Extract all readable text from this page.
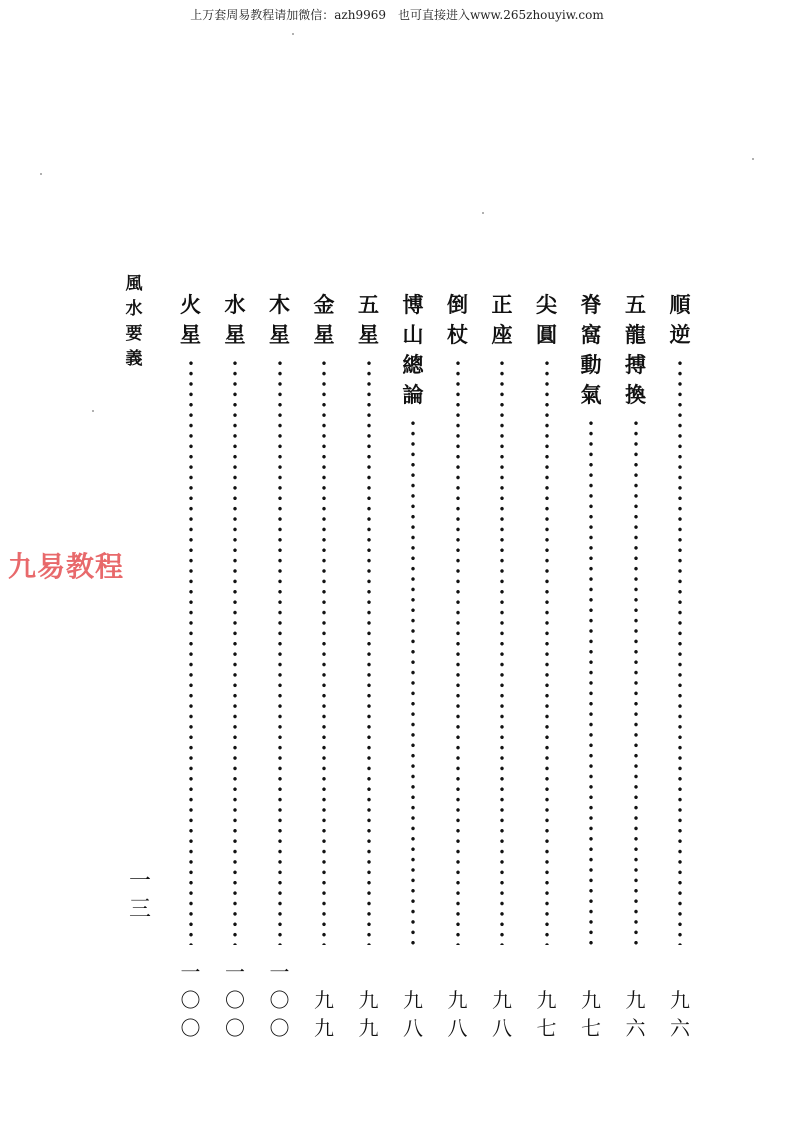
上万套周易教程请加微信：azh9969　也可直接进入www.265zhouyiw.com
九易教程
風
水
要
義
一
三
順
逆
九
六
五
龍
搏
換
九
六
脊
窩
動
氣
九
七
尖
圓
九
七
正
座
九
八
倒
杖
九
八
博
山
總
論
九
八
五
星
九
九
金
星
九
九
木
星
一
〇
〇
水
星
一
〇
〇
火
星
一
〇
〇
